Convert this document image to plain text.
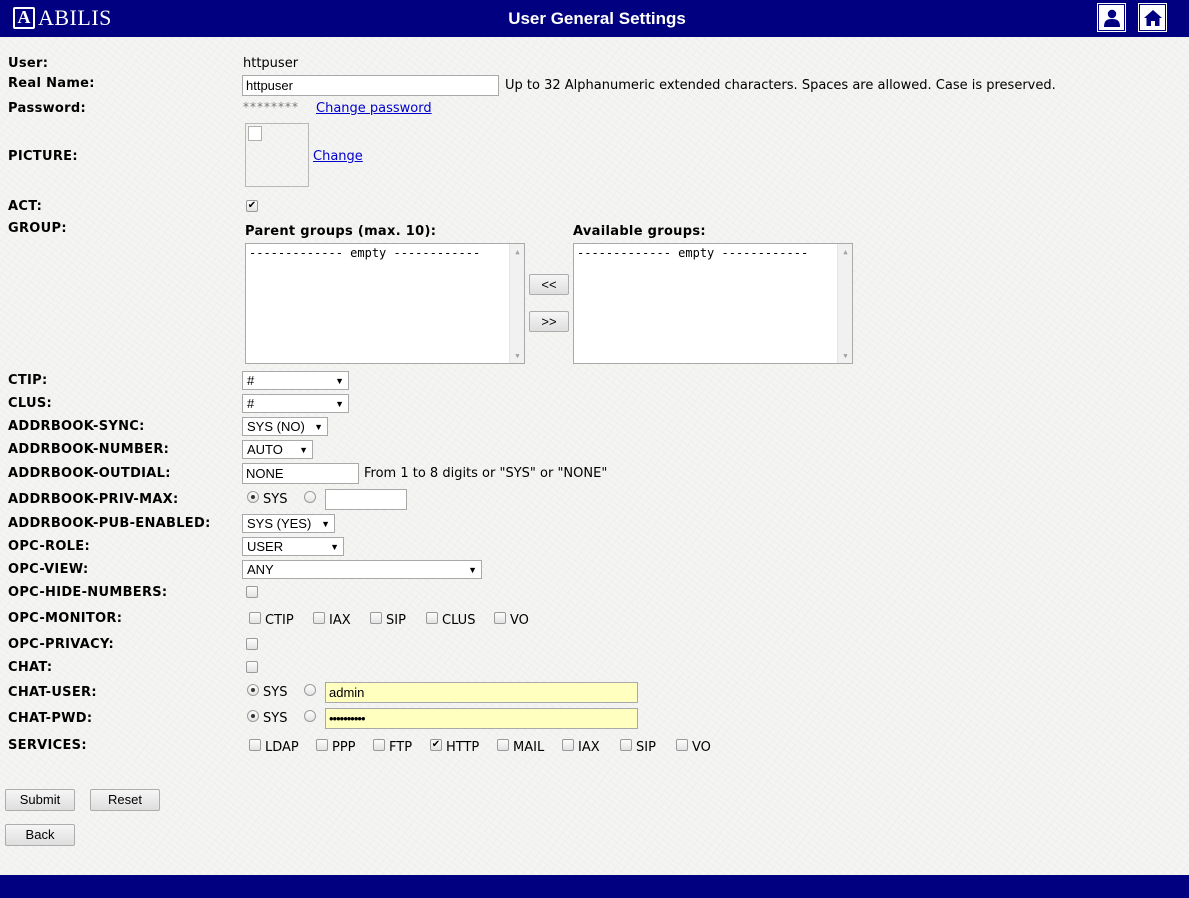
A ABILIS	User General Settings
User:	httpuser
Real Name:	httpuser	Up to 32 Alphanumeric extended characters. Spaces are allowed. Case is preserved.
Password:	******** Change password
PICTURE:	Change
ACT:	✔
GROUP:	Parent groups (max. 10):	Available groups:
------------- empty ------------	▲
▼
<<
>>
------------- empty ------------	▲
▼
CTIP:	#	▼
CLUS:	#	▼
ADDRBOOK-SYNC:	SYS (NO) ▼
ADDRBOOK-NUMBER:	AUTO ▼
ADDRBOOK-OUTDIAL:	NONE	From 1 to 8 digits or "SYS" or "NONE"
ADDRBOOK-PRIV-MAX:	SYS
ADDRBOOK-PUB-ENABLED:	SYS (YES) ▼
OPC-ROLE:	USER	▼
OPC-VIEW:	ANY	▼
OPC-HIDE-NUMBERS:
OPC-MONITOR:	CTIP	IAX	SIP	CLUS	VO
OPC-PRIVACY:
CHAT:
CHAT-USER:	SYS	admin
CHAT-PWD:	SYS	••••••••••
SERVICES:	LDAP	PPP	FTP ✔ HTTP	MAIL	IAX	SIP	VO
Submit	Reset
Back
